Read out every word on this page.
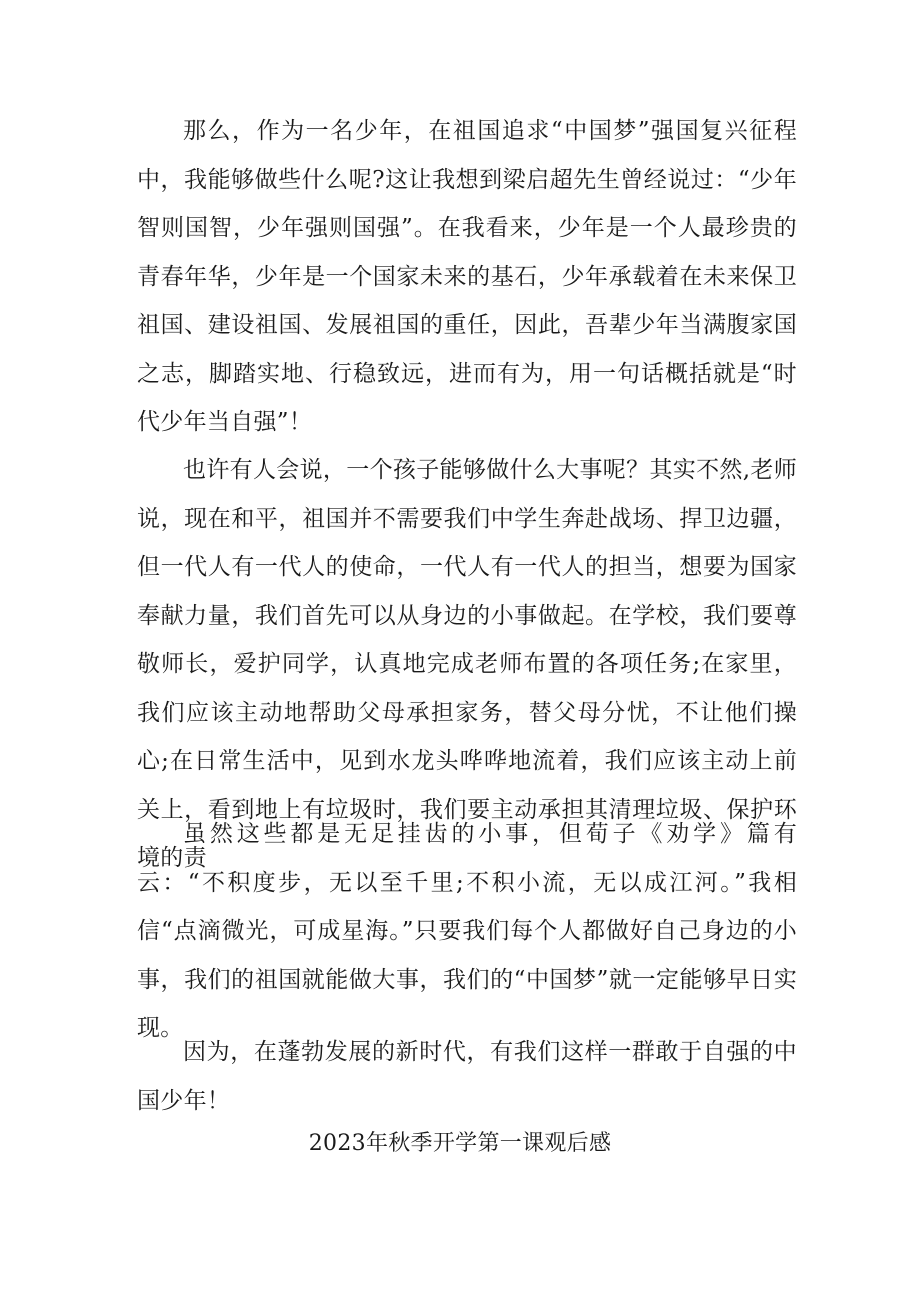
那么，作为一名少年，在祖国追求“中国梦”强国复兴征程中，我能够做些什么呢?这让我想到梁启超先生曾经说过：“少年智则国智，少年强则国强”。在我看来，少年是一个人最珍贵的青春年华，少年是一个国家未来的基石，少年承载着在未来保卫祖国、建设祖国、发展祖国的重任，因此，吾辈少年当满腹家国之志，脚踏实地、行稳致远，进而有为，用一句话概括就是“时代少年当自强”！

也许有人会说，一个孩子能够做什么大事呢？其实不然,老师说，现在和平，祖国并不需要我们中学生奔赴战场、捍卫边疆，但一代人有一代人的使命，一代人有一代人的担当，想要为国家奉献力量，我们首先可以从身边的小事做起。在学校，我们要尊敬师长，爱护同学，认真地完成老师布置的各项任务;在家里，我们应该主动地帮助父母承担家务，替父母分忧，不让他们操心;在日常生活中，见到水龙头哗哗地流着，我们应该主动上前关上，看到地上有垃圾时，我们要主动承担其清理垃圾、保护环境的责

虽然这些都是无足挂齿的小事，但荀子《劝学》篇有云：“不积度步，无以至千里;不积小流，无以成江河。”我相信“点滴微光，可成星海。”只要我们每个人都做好自己身边的小事，我们的祖国就能做大事，我们的“中国梦”就一定能够早日实现。

因为，在蓬勃发展的新时代，有我们这样一群敢于自强的中国少年！

2023年秋季开学第一课观后感
